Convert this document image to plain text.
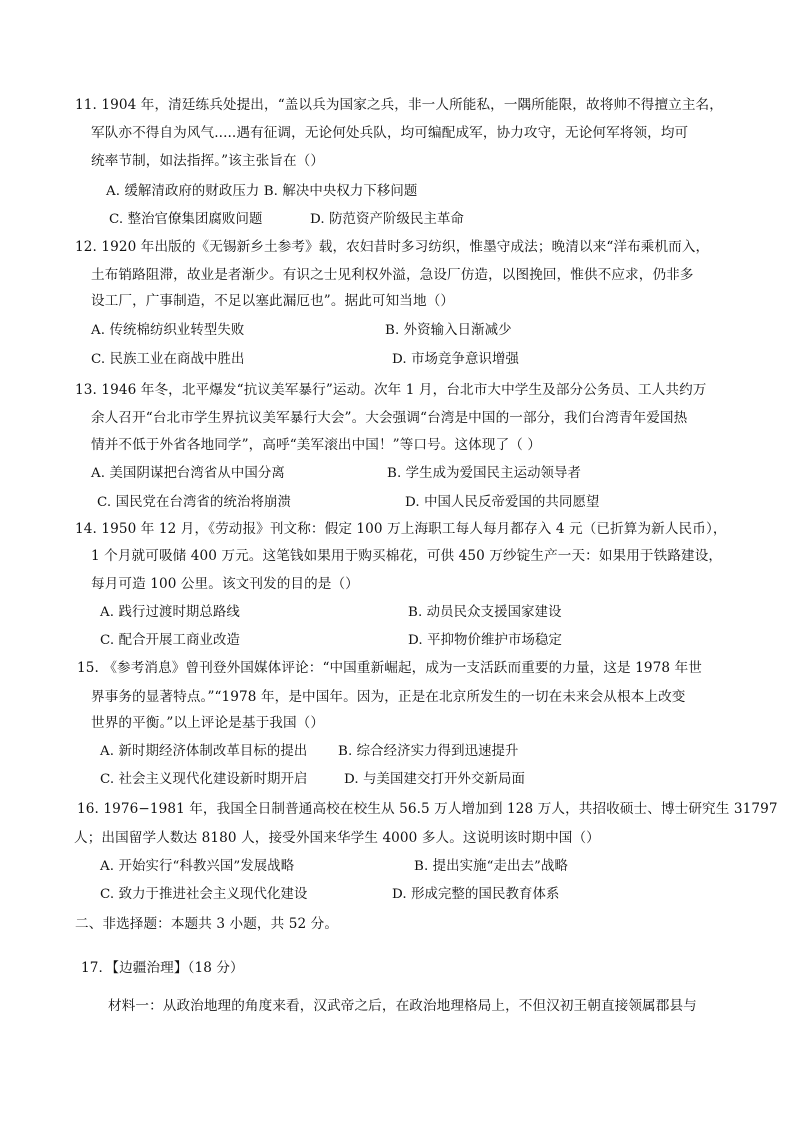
11. 1904 年，清廷练兵处提出，“盖以兵为国家之兵，非一人所能私，一隅所能限，故将帅不得擅立主名，
军队亦不得自为风气.....遇有征调，无论何处兵队，均可编配成军，协力攻守，无论何军将领，均可
统率节制，如法指挥。”该主张旨在（）
A. 缓解清政府的财政压力 B. 解决中央权力下移问题
C. 整治官僚集团腐败问题	D. 防范资产阶级民主革命
12. 1920 年出版的《无锡新乡土参考》载，农妇昔时多习纺织，惟墨守成法；晚清以来“洋布乘机而入，
土布销路阻滞，故业是者渐少。有识之士见利权外溢，急设厂仿造，以图挽回，惟供不应求，仍非多
设工厂，广事制造，不足以塞此漏厄也”。据此可知当地（）
A. 传统棉纺织业转型失败	B. 外资输入日渐减少
C. 民族工业在商战中胜出	D. 市场竞争意识增强
13. 1946 年冬，北平爆发“抗议美军暴行”运动。次年 1 月，台北市大中学生及部分公务员、工人共约万
余人召开“台北市学生界抗议美军暴行大会”。大会强调“台湾是中国的一部分，我们台湾青年爱国热
情并不低于外省各地同学”，高呼“美军滚出中国！”等口号。这体现了（ ）
A. 美国阴谋把台湾省从中国分离	B. 学生成为爱国民主运动领导者
C. 国民党在台湾省的统治将崩溃	D. 中国人民反帝爱国的共同愿望
14. 1950 年 12 月，《劳动报》刊文称：假定 100 万上海职工每人每月都存入 4 元（已折算为新人民币），
1 个月就可吸储 400 万元。这笔钱如果用于购买棉花，可供 450 万纱锭生产一天：如果用于铁路建设，
每月可造 100 公里。该文刊发的目的是（）
A. 践行过渡时期总路线	B. 动员民众支援国家建设
C. 配合开展工商业改造	D. 平抑物价维护市场稳定
15. 《参考消息》曾刊登外国媒体评论：“中国重新崛起，成为一支活跃而重要的力量，这是 1978 年世
界事务的显著特点。”“1978 年，是中国年。因为，正是在北京所发生的一切在未来会从根本上改变
世界的平衡。”以上评论是基于我国（）
A. 新时期经济体制改革目标的提出 B. 综合经济实力得到迅速提升
C. 社会主义现代化建设新时期开启	D. 与美国建交打开外交新局面
16. 1976−1981 年，我国全日制普通高校在校生从 56.5 万人增加到 128 万人，共招收硕士、博士研究生 31797
人；出国留学人数达 8180 人，接受外国来华学生 4000 多人。这说明该时期中国（）
A. 开始实行“科教兴国”发展战略	B. 提出实施“走出去”战略
C. 致力于推进社会主义现代化建设	D. 形成完整的国民教育体系
二、非选择题：本题共 3 小题，共 52 分。
17．【边疆治理】（18 分）
材料一：从政治地理的角度来看，汉武帝之后，在政治地理格局上，不但汉初王朝直接领属郡县与
